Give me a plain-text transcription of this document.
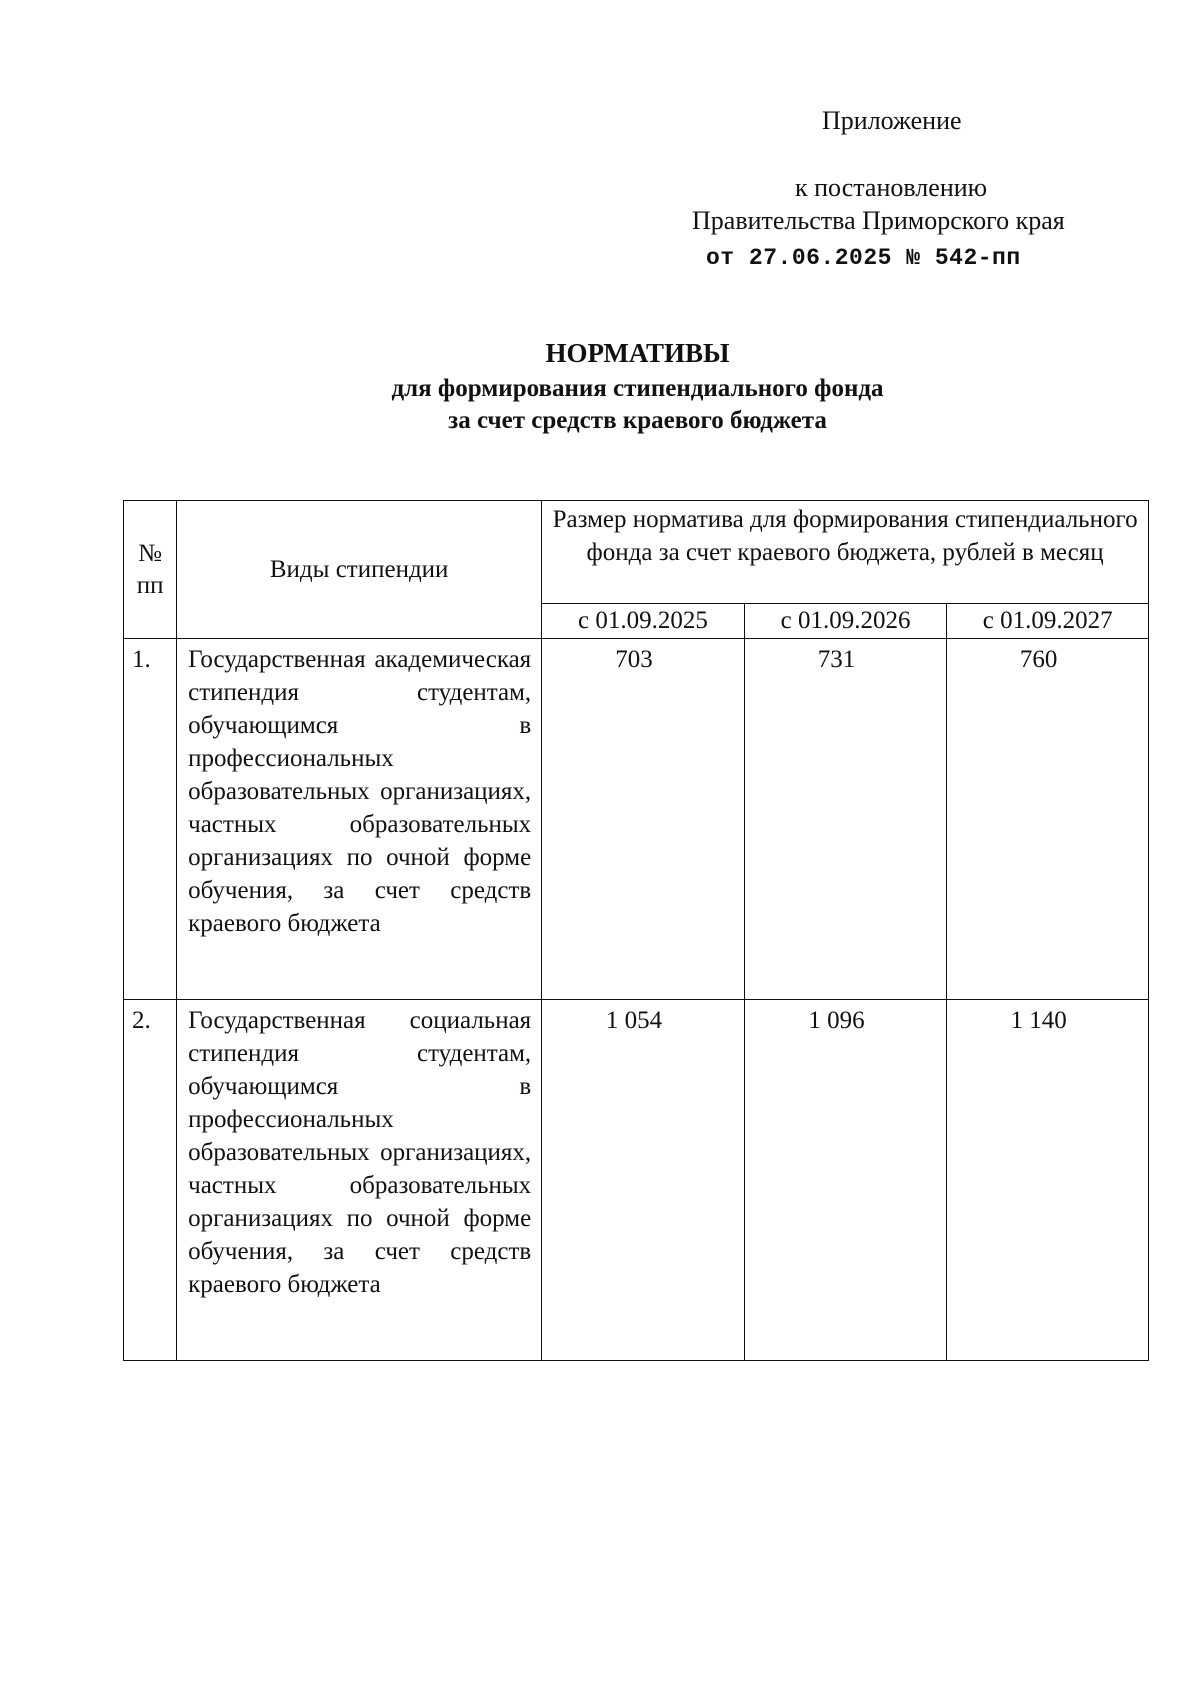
Приложение
к постановлению
Правительства Приморского края
от 27.06.2025 № 542-пп
НОРМАТИВЫ
для формирования стипендиального фонда
за счет средств краевого бюджета
№ пп	Виды стипендии	Размер норматива для формирования стипендиального фонда за счет краевого бюджета, рублей в месяц		
		с 01.09.2025	с 01.09.2026	с 01.09.2027
1.	Государственная академическая стипендия студентам, обучающимся в профессиональных образовательных организациях, частных образовательных организациях по очной форме обучения, за счет средств краевого бюджета	703	731	760
2.	Государственная социальная стипендия студентам, обучающимся в профессиональных образовательных организациях, частных образовательных организациях по очной форме обучения, за счет средств краевого бюджета	1 054	1 096	1 140
